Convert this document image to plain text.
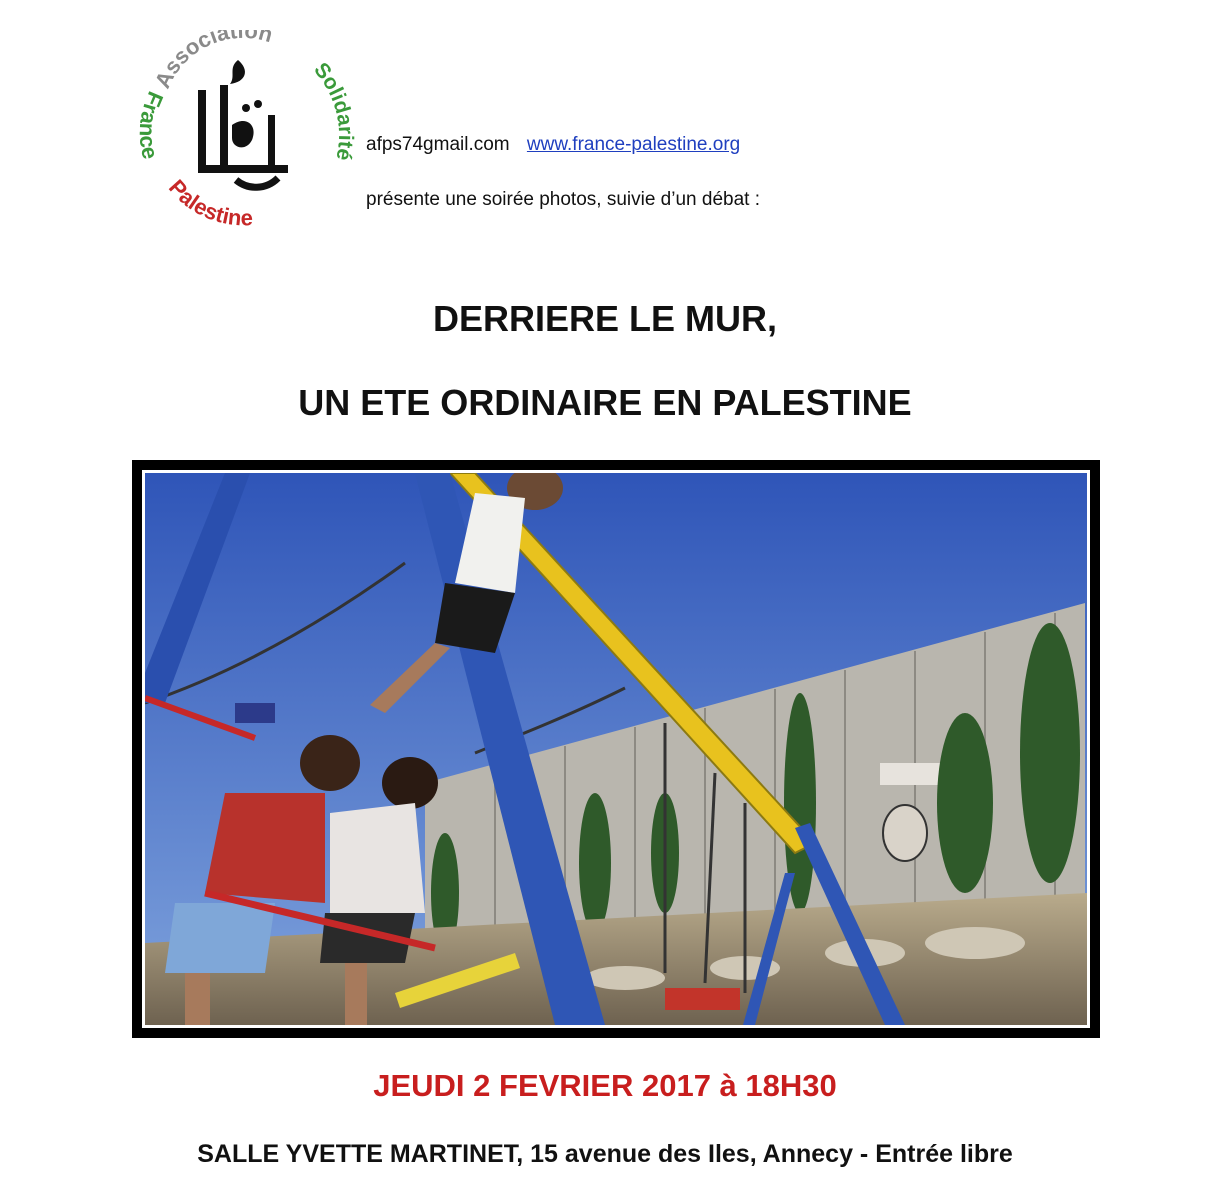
Association
France
Palestine
Solidarité afps74gmail.com www.france-palestine.org
présente une soirée photos, suivie d’un débat :
DERRIERE LE MUR,
UN ETE ORDINAIRE EN PALESTINE
JEUDI 2 FEVRIER 2017 à 18H30
SALLE YVETTE MARTINET, 15 avenue des Iles, Annecy - Entrée libre
